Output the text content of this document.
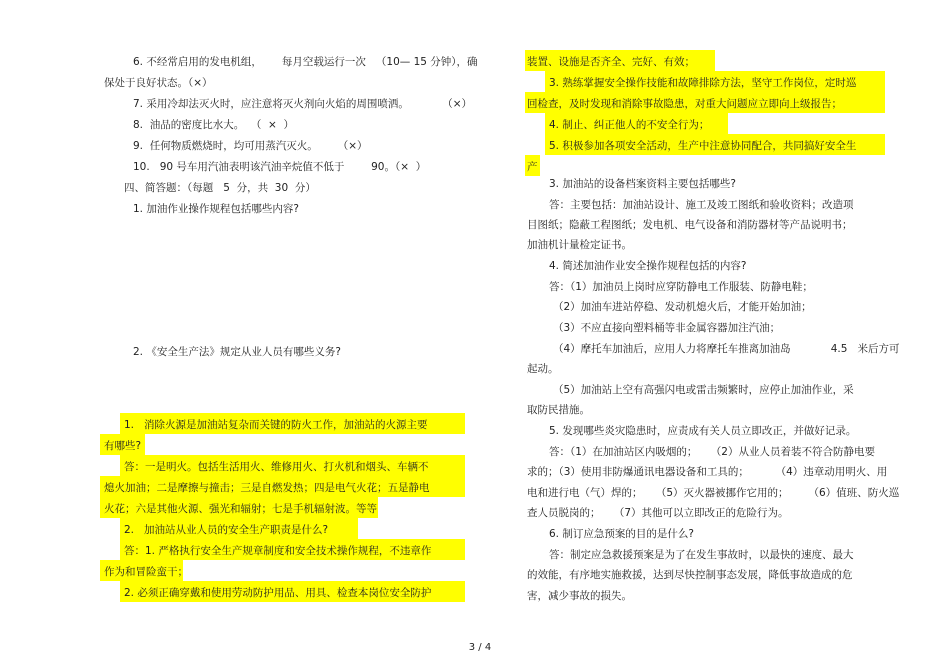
6. 不经常启用的发电机组，      每月空载运行一次   （10— 15 分钟），确
保处于良好状态。（×）
7. 采用冷却法灭火时，应注意将灭火剂向火焰的周围喷洒。          （×）
8.  油品的密度比水大。  （  ×  ）
9.  任何物质燃烧时，均可用蒸汽灭火。      （×）
10.   90 号车用汽油表明该汽油辛烷值不低于        90。（×  ）
四、简答题：（每题   5  分，共  30  分）
1. 加油作业操作规程包括哪些内容?
2. 《安全生产法》规定从业人员有哪些义务?
1.   消除火源是加油站复杂而关键的防火工作，加油站的火源主要
有哪些?
答：一是明火。包括生活用火、维修用火、打火机和烟头、车辆不
熄火加油；二是摩擦与撞击；三是自燃发热；四是电气火花；五是静电
火花；六是其他火源、强光和辐射；七是手机辐射波。等等
2.   加油站从业人员的安全生产职责是什么?
答：1. 严格执行安全生产规章制度和安全技术操作规程，不违章作
作为和冒险蛮干；
2. 必须正确穿戴和使用劳动防护用品、用具、检查本岗位安全防护
装置、设施是否齐全、完好、有效；
3. 熟练掌握安全操作技能和故障排除方法，坚守工作岗位，定时巡
回检查，及时发现和消除事故隐患，对重大问题应立即向上级报告；
4. 制止、纠正他人的不安全行为；
5. 积极参加各项安全活动，生产中注意协同配合，共同搞好安全生
产
3. 加油站的设备档案资料主要包括哪些?
答：主要包括：加油站设计、施工及竣工图纸和验收资料；改造项
目图纸；隐蔽工程图纸；发电机、电气设备和消防器材等产品说明书；
加油机计量检定证书。
4. 简述加油作业安全操作规程包括的内容?
答：（1）加油员上岗时应穿防静电工作服装、防静电鞋；
（2）加油车进站停稳、发动机熄火后，才能开始加油；
（3）不应直接向塑料桶等非金属容器加注汽油；
（4）摩托车加油后，应用人力将摩托车推离加油岛            4.5   米后方可
起动。
（5）加油站上空有高强闪电或雷击频繁时，应停止加油作业，采
取防民措施。
5. 发现哪些炎灾隐患时，应责成有关人员立即改正，并做好记录。
答：（1）在加油站区内吸烟的；    （2）从业人员着装不符合防静电要
求的；（3）使用非防爆通讯电器设备和工具的；        （4）违章动用明火、用
电和进行电（气）焊的；    （5）灭火器被挪作它用的；      （6）值班、防火巡
查人员脱岗的；    （7）其他可以立即改正的危险行为。
6. 制订应急预案的目的是什么?
答：制定应急救援预案是为了在发生事故时，以最快的速度、最大
的效能，有序地实施救援，达到尽快控制事态发展，降低事故造成的危
害，减少事故的损失。
3 / 4
